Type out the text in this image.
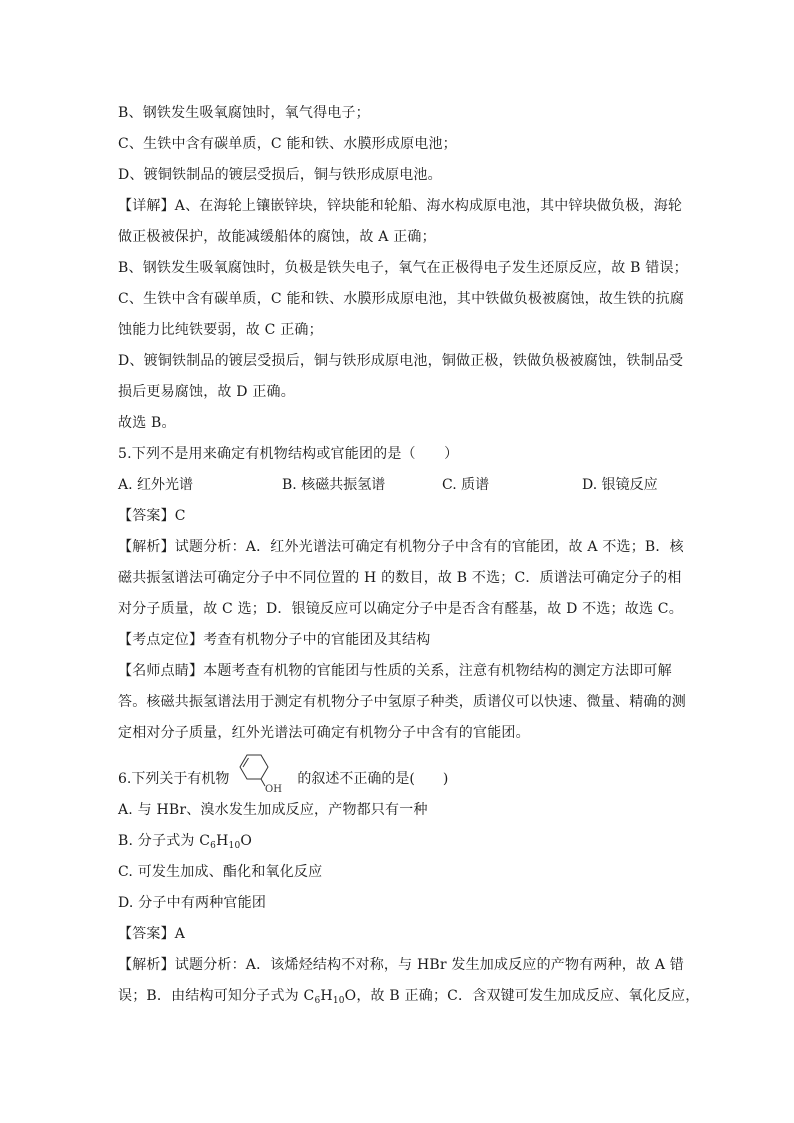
B、钢铁发生吸氧腐蚀时，氧气得电子；
C、生铁中含有碳单质，C 能和铁、水膜形成原电池；
D、镀铜铁制品的镀层受损后，铜与铁形成原电池。
【详解】A、在海轮上镶嵌锌块，锌块能和轮船、海水构成原电池，其中锌块做负极，海轮
做正极被保护，故能减缓船体的腐蚀，故 A 正确；
B、钢铁发生吸氧腐蚀时，负极是铁失电子，氧气在正极得电子发生还原反应，故 B 错误；
C、生铁中含有碳单质，C 能和铁、水膜形成原电池，其中铁做负极被腐蚀，故生铁的抗腐
蚀能力比纯铁要弱，故 C 正确；
D、镀铜铁制品的镀层受损后，铜与铁形成原电池，铜做正极，铁做负极被腐蚀，铁制品受
损后更易腐蚀，故 D 正确。
故选 B。
5.下列不是用来确定有机物结构或官能团的是（　　）
A. 红外光谱	B. 核磁共振氢谱	C. 质谱	D. 银镜反应
【答案】C
【解析】试题分析：A．红外光谱法可确定有机物分子中含有的官能团，故 A 不选；B．核
磁共振氢谱法可确定分子中不同位置的 H 的数目，故 B 不选；C．质谱法可确定分子的相
对分子质量，故 C 选；D．银镜反应可以确定分子中是否含有醛基，故 D 不选；故选 C。
【考点定位】考查有机物分子中的官能团及其结构
【名师点睛】本题考查有机物的官能团与性质的关系，注意有机物结构的测定方法即可解
答。核磁共振氢谱法用于测定有机物分子中氢原子种类，质谱仪可以快速、微量、精确的测
定相对分子质量，红外光谱法可确定有机物分子中含有的官能团。
6.下列关于有机物
OH
的叙述不正确的是(　　)
A. 与 HBr、溴水发生加成反应，产物都只有一种
B. 分子式为 $C_6H_{10}O$
C. 可发生加成、酯化和氧化反应
D. 分子中有两种官能团
【答案】A
【解析】试题分析：A．该烯烃结构不对称，与 HBr 发生加成反应的产物有两种，故 A 错
误；B．由结构可知分子式为 $C_6H_{10}O$，故 B 正确；C．含双键可发生加成反应、氧化反应，
